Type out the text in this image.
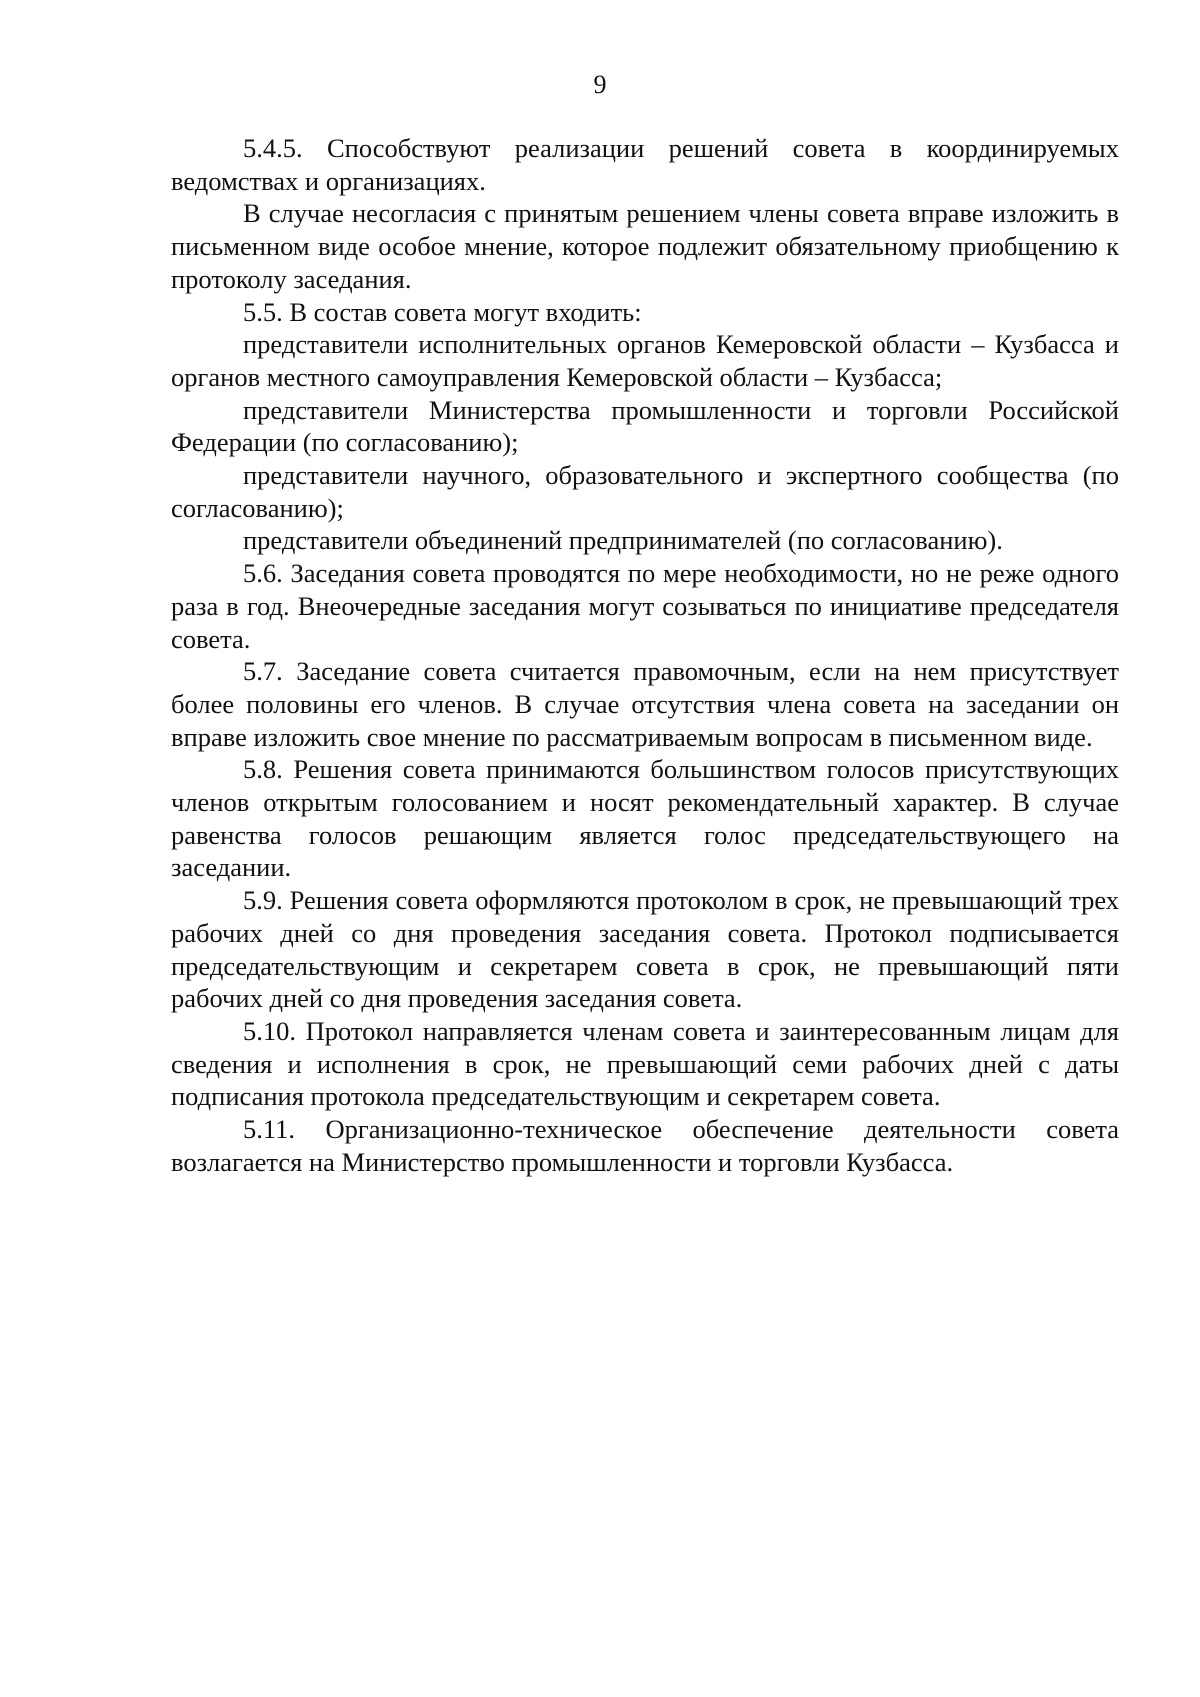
9

5.4.5. Способствуют реализации решений совета в координируемых ведомствах и организациях.

В случае несогласия с принятым решением члены совета вправе изложить в письменном виде особое мнение, которое подлежит обязательному приобщению к протоколу заседания.

5.5. В состав совета могут входить:

представители исполнительных органов Кемеровской области – Кузбасса и органов местного самоуправления Кемеровской области – Кузбасса;

представители Министерства промышленности и торговли Российской Федерации (по согласованию);

представители научного, образовательного и экспертного сообщества (по согласованию);

представители объединений предпринимателей (по согласованию).

5.6. Заседания совета проводятся по мере необходимости, но не реже одного раза в год. Внеочередные заседания могут созываться по инициативе председателя совета.

5.7. Заседание совета считается правомочным, если на нем присутствует более половины его членов. В случае отсутствия члена совета на заседании он вправе изложить свое мнение по рассматриваемым вопросам в письменном виде.

5.8. Решения совета принимаются большинством голосов присутствующих членов открытым голосованием и носят рекомендательный характер. В случае равенства голосов решающим является голос председательствующего на заседании.

5.9. Решения совета оформляются протоколом в срок, не превышающий трех рабочих дней со дня проведения заседания совета. Протокол подписывается председательствующим и секретарем совета в срок, не превышающий пяти рабочих дней со дня проведения заседания совета.

5.10. Протокол направляется членам совета и заинтересованным лицам для сведения и исполнения в срок, не превышающий семи рабочих дней с даты подписания протокола председательствующим и секретарем совета.

5.11. Организационно-техническое обеспечение деятельности совета возлагается на Министерство промышленности и торговли Кузбасса.
